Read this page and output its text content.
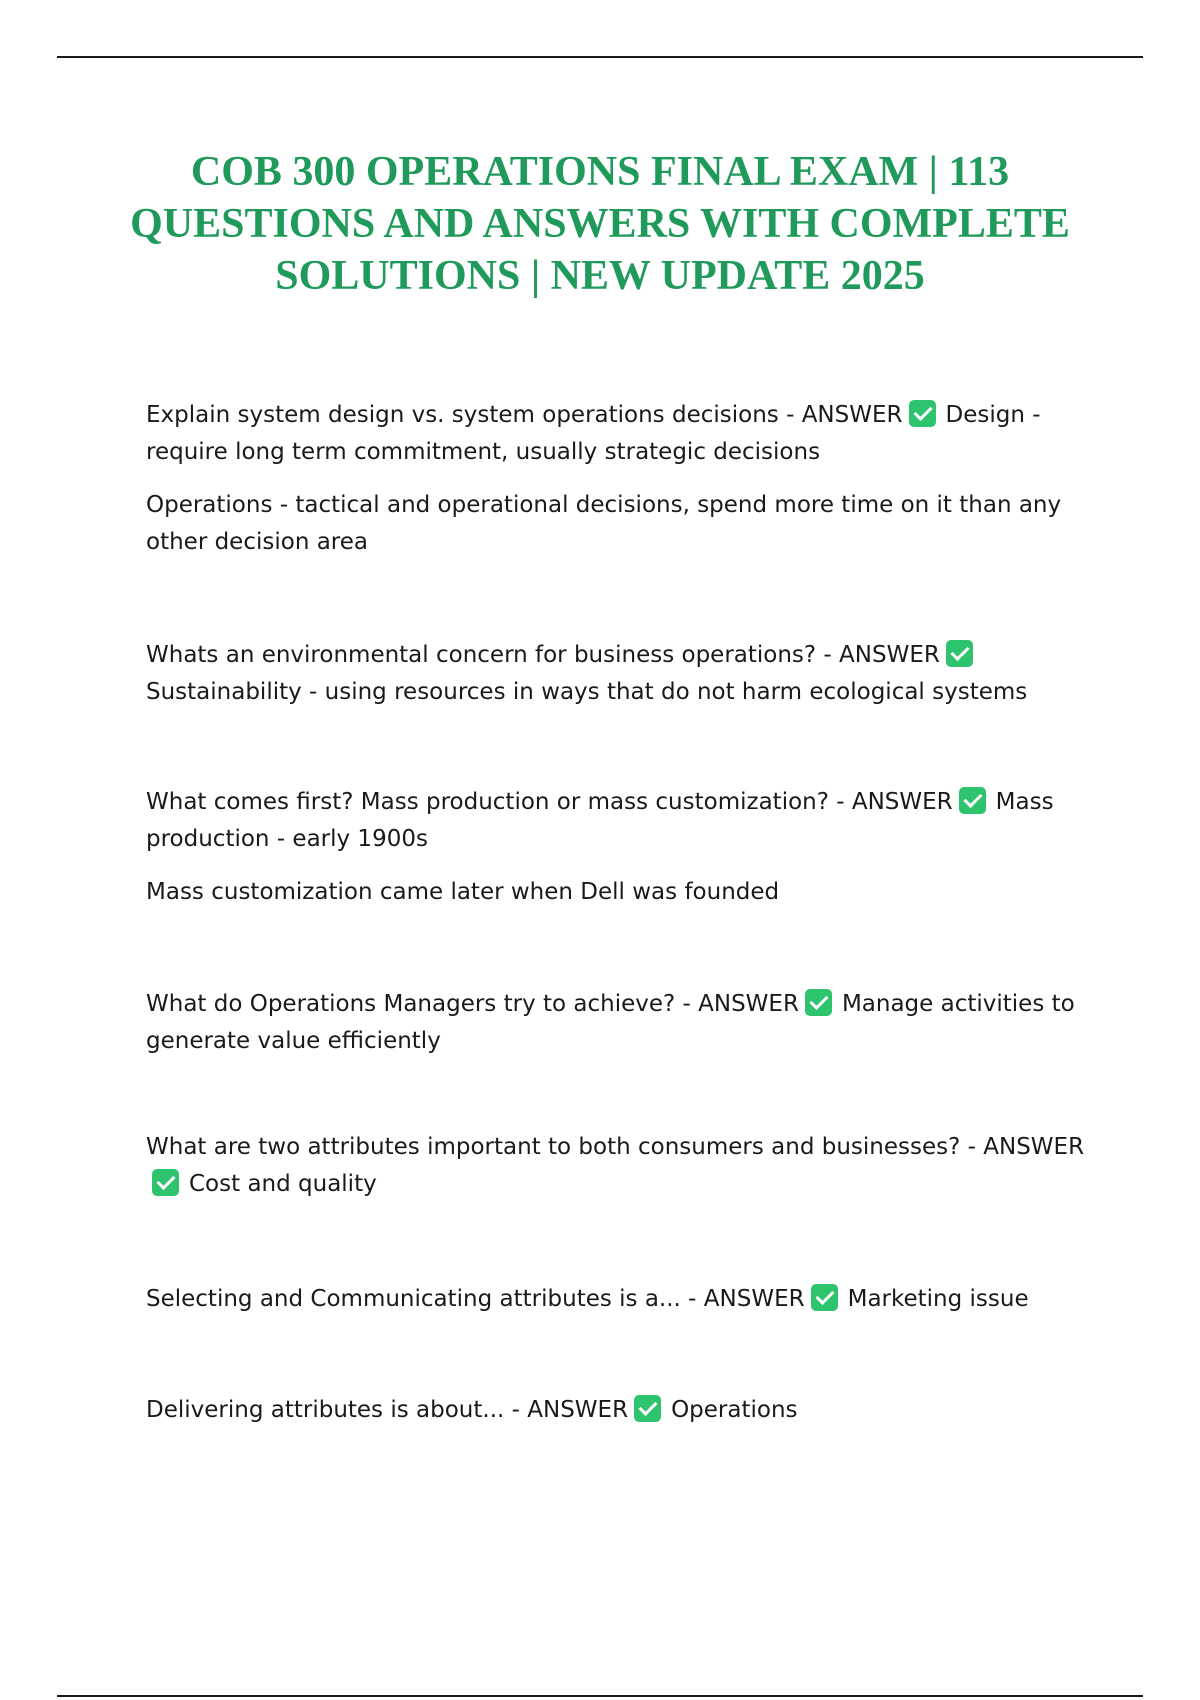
COB 300 OPERATIONS FINAL EXAM | 113 QUESTIONS AND ANSWERS WITH COMPLETE SOLUTIONS | NEW UPDATE 2025

Explain system design vs. system operations decisions - ANSWER Design - require long term commitment, usually strategic decisions

Operations - tactical and operational decisions, spend more time on it than any other decision area

Whats an environmental concern for business operations? - ANSWERSustainability - using resources in ways that do not harm ecological systems

What comes first? Mass production or mass customization? - ANSWER Mass production - early 1900s

Mass customization came later when Dell was founded

What do Operations Managers try to achieve? - ANSWER Manage activities to generate value efficiently

What are two attributes important to both consumers and businesses? - ANSWERCost and quality

Selecting and Communicating attributes is a... - ANSWER Marketing issue

Delivering attributes is about... - ANSWER Operations
